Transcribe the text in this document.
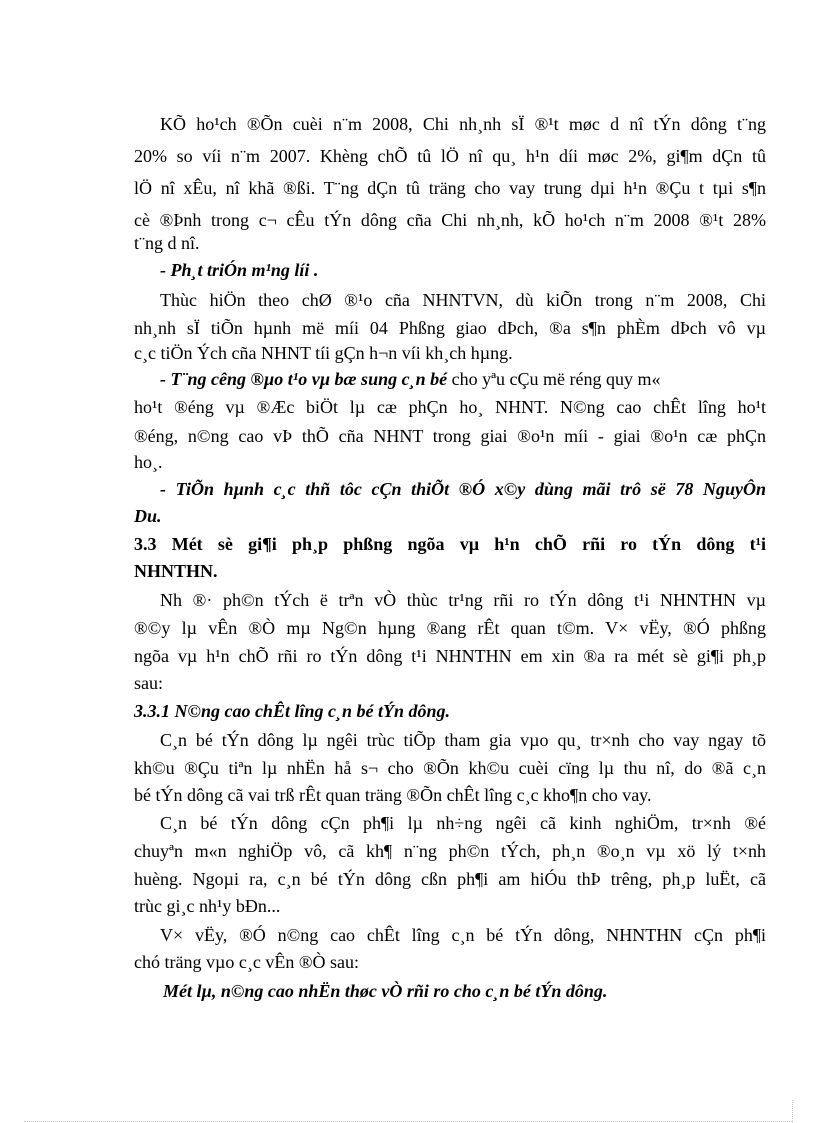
KÕ ho¹ch ®Õn cuèi n¨m 2008, Chi nh¸nh sÏ ®¹t møc d nî tÝn dông t¨ng
20% so víi n¨m 2007. Khèng chÕ tû lÖ nî qu¸ h¹n díi møc 2%, gi¶m dÇn tû
lÖ nî xÊu, nî khã ®ßi. T¨ng dÇn tû träng cho vay trung dµi h¹n ®Çu t tµi s¶n
cè ®Þnh trong c¬ cÊu tÝn dông cña Chi nh¸nh, kÕ ho¹ch n¨m 2008 ®¹t 28%
t¨ng d nî.
- Ph¸t triÓn m¹ng líi .
Thùc hiÖn theo chØ ®¹o cña NHNTVN, dù kiÕn trong n¨m 2008, Chi
nh¸nh sÏ tiÕn hµnh më míi 04 Phßng giao dÞch, ®a s¶n phÈm dÞch vô vµ
c¸c tiÖn Ých cña NHNT tíi gÇn h¬n víi kh¸ch hµng.
- T¨ng cêng ®µo t¹o vµ bæ sung c¸n bé cho yªu cÇu më réng quy m«
ho¹t ®éng vµ ®Æc biÖt lµ cæ phÇn ho¸ NHNT. N©ng cao chÊt lîng ho¹t
®éng, n©ng cao vÞ thÕ cña NHNT trong giai ®o¹n míi - giai ®o¹n cæ phÇn
ho¸.
- TiÕn hµnh c¸c thñ tôc cÇn thiÕt ®Ó x©y dùng mãi trô së 78 NguyÔn
Du.
3.3 Mét sè gi¶i ph¸p phßng ngõa vµ h¹n chÕ rñi ro tÝn dông t¹i
NHNTHN.
Nh ®· ph©n tÝch ë trªn vÒ thùc tr¹ng rñi ro tÝn dông t¹i NHNTHN vµ
®©y lµ vÊn ®Ò mµ Ng©n hµng ®ang rÊt quan t©m. V× vËy, ®Ó phßng
ngõa vµ h¹n chÕ rñi ro tÝn dông t¹i NHNTHN em xin ®a ra mét sè gi¶i ph¸p
sau:
3.3.1 N©ng cao chÊt lîng c¸n bé tÝn dông.
C¸n bé tÝn dông lµ ngêi trùc tiÕp tham gia vµo qu¸ tr×nh cho vay ngay tõ
kh©u ®Çu tiªn lµ nhËn hå s¬ cho ®Õn kh©u cuèi cïng lµ thu nî, do ®ã c¸n
bé tÝn dông cã vai trß rÊt quan träng ®Õn chÊt lîng c¸c kho¶n cho vay.
C¸n bé tÝn dông cÇn ph¶i lµ nh÷ng ngêi cã kinh nghiÖm, tr×nh ®é
chuyªn m«n nghiÖp vô, cã kh¶ n¨ng ph©n tÝch, ph¸n ®o¸n vµ xö lý t×nh
huèng. Ngoµi ra, c¸n bé tÝn dông cßn ph¶i am hiÓu thÞ trêng, ph¸p luËt, cã
trùc gi¸c nh¹y bÐn...
V× vËy, ®Ó n©ng cao chÊt lîng c¸n bé tÝn dông, NHNTHN cÇn ph¶i
chó träng vµo c¸c vÊn ®Ò sau:
Mét lµ, n©ng cao nhËn thøc vÒ rñi ro cho c¸n bé tÝn dông.
